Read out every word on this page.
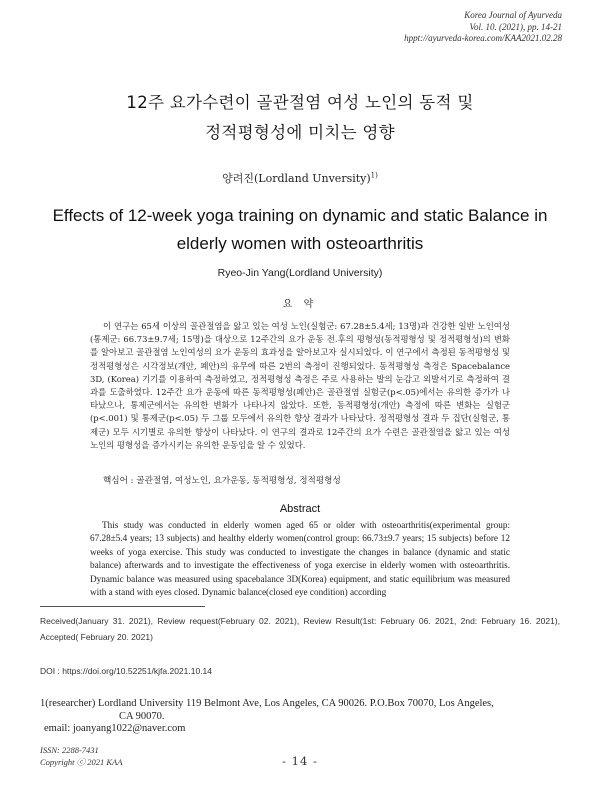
Korea Journal of Ayurveda
Vol. 10. (2021), pp. 14-21
hppt://ayurveda-korea.com/KAA2021.02.28
12주 요가수련이 골관절염 여성 노인의 동적 및
정적평형성에 미치는 영향
양려진(Lordland Unversity)$^{1)}$
Effects of 12-week yoga training on dynamic and static Balance in
elderly women with osteoarthritis
Ryeo-Jin Yang(Lordland University)
요 약
이 연구는 65세 이상의 골관절염을 앓고 있는 여성 노인(실험군: 67.28±5.4세; 13명)과 건강한 일반 노인여성(통제군: 66.73±9.7세; 15명)을 대상으로 12주간의 요가 운동 전.후의 평형성(동적평형성 및 정적평형성)의 변화를 알아보고 골관절염 노인여성의 요가 운동의 효과성을 알아보고자 실시되었다. 이 연구에서 측정된 동적평형성 및 정적평형성은 시각정보(개안, 폐안)의 유무에 따른 2번의 측정이 진행되었다. 동적평형성 측정은 Spacebalance 3D, (Korea) 기기를 이용하여 측정하였고, 정적평형성 측정은 주로 사용하는 발의 눈감고 외발서기로 측정하여 결과를 도출하였다. 12주간 요가 운동에 따른 동적평형성(폐안)은 골관절염 실험군(p<.05)에서는 유의한 증가가 나타났으나, 통제군에서는 유의한 변화가 나타나지 않았다. 또한, 동적평형성(개안) 측정에 따른 변화는 실험군(p<.001) 및 통제군(p<.05) 두 그룹 모두에서 유의한 향상 결과가 나타났다. 정적평형성 결과 두 집단(실험군, 통제군) 모두 시기별로 유의한 향상이 나타났다. 이 연구의 결과로 12주간의 요가 수련은 골관절염을 앓고 있는 여성 노인의 평형성을 증가시키는 유의한 운동임을 알 수 있었다.
핵심어 : 골관절염, 여성노인, 요가운동, 동적평형성, 정적평형성
Abstract
This study was conducted in elderly women aged 65 or older with osteoarthritis(experimental group: 67.28±5.4 years; 13 subjects) and healthy elderly women(control group: 66.73±9.7 years; 15 subjects) before 12 weeks of yoga exercise. This study was conducted to investigate the changes in balance (dynamic and static balance) afterwards and to investigate the effectiveness of yoga exercise in elderly women with osteoarthritis. Dynamic balance was measured using spacebalance 3D(Korea) equipment, and static equilibrium was measured with a stand with eyes closed. Dynamic balance(closed eye condition) according
Received(January 31. 2021), Review request(February 02. 2021), Review Result(1st: February 06. 2021, 2nd: February 16. 2021), Accepted( February 20. 2021)
DOI : https://doi.org/10.52251/kjfa.2021.10.14
1(researcher) Lordland University 119 Belmont Ave, Los Angeles, CA 90026. P.O.Box 70070, Los Angeles,
CA 90070.
email: joanyang1022@naver.com
ISSN: 2288-7431
Copyright ⓒ 2021 KAA	- 14 -
